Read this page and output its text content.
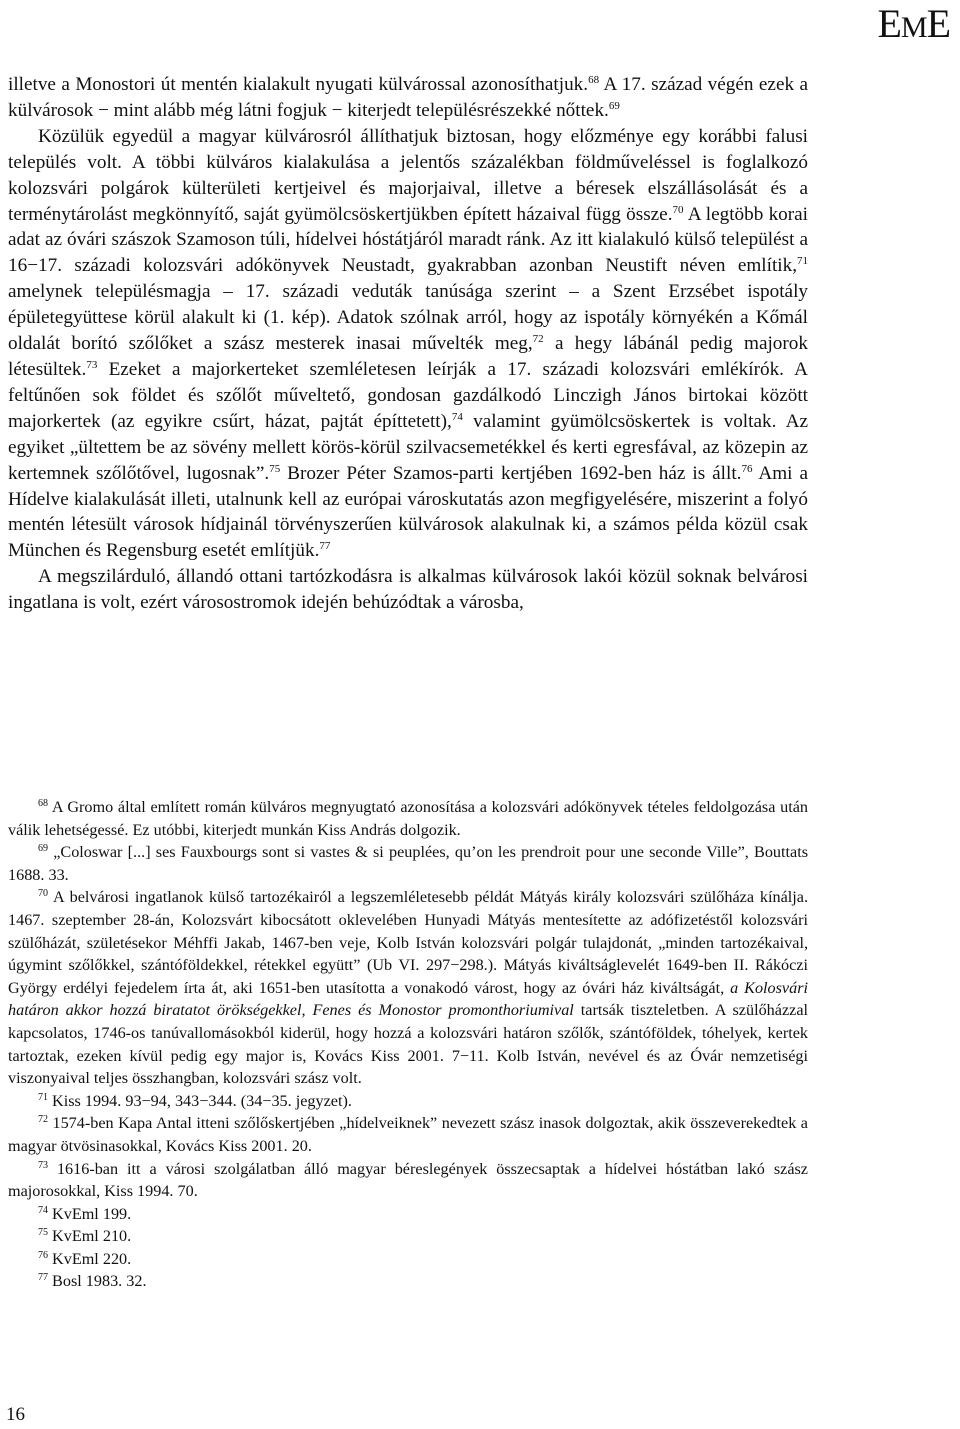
EME

illetve a Monostori út mentén kialakult nyugati külvárossal azonosíthatjuk.$^{68}$ A 17. század végén ezek a külvárosok − mint alább még látni fogjuk − kiterjedt településrészekké nőttek.$^{69}$

Közülük egyedül a magyar külvárosról állíthatjuk biztosan, hogy előzménye egy korábbi falusi település volt. A többi külváros kialakulása a jelentős százalékban földműveléssel is foglalkozó kolozsvári polgárok külterületi kertjeivel és majorjaival, illetve a béresek elszállásolását és a terménytárolást megkönnyítő, saját gyümölcsöskertjükben épített házaival függ össze.$^{70}$ A legtöbb korai adat az óvári szászok Szamoson túli, hídelvei hóstátjáról maradt ránk. Az itt kialakuló külső települést a 16−17. századi kolozsvári adókönyvek Neustadt, gyakrabban azonban Neustift néven említik,$^{71}$ amelynek településmagja – 17. századi veduták tanúsága szerint – a Szent Erzsébet ispotály épületegyüttese körül alakult ki (1. kép). Adatok szólnak arról, hogy az ispotály környékén a Kőmál oldalát borító szőlőket a szász mesterek inasai művelték meg,$^{72}$ a hegy lábánál pedig majorok létesültek.$^{73}$ Ezeket a majorkerteket szemléletesen leírják a 17. századi kolozsvári emlékírók. A feltűnően sok földet és szőlőt műveltető, gondosan gazdálkodó Linczigh János birtokai között majorkertek (az egyikre csűrt, házat, pajtát építtetett),$^{74}$ valamint gyümölcsöskertek is voltak. Az egyiket „ültettem be az sövény mellett körös-körül szilvacsemetékkel és kerti egresfával, az közepin az kertemnek szőlőtővel, lugosnak”.$^{75}$ Brozer Péter Szamos-parti kertjében 1692-ben ház is állt.$^{76}$ Ami a Hídelve kialakulását illeti, utalnunk kell az európai városkutatás azon megfigyelésére, miszerint a folyó mentén létesült városok hídjainál törvényszerűen külvárosok alakulnak ki, a számos példa közül csak München és Regensburg esetét említjük.$^{77}$

A megszilárduló, állandó ottani tartózkodásra is alkalmas külvárosok lakói közül soknak belvárosi ingatlana is volt, ezért városostromok idején behúzódtak a városba,

$^{68}$ A Gromo által említett román külváros megnyugtató azonosítása a kolozsvári adókönyvek tételes feldolgozása után válik lehetségessé. Ez utóbbi, kiterjedt munkán Kiss András dolgozik.

$^{69}$ „Coloswar [...] ses Fauxbourgs sont si vastes & si peuplées, qu’on les prendroit pour une seconde Ville”, Bouttats 1688. 33.

$^{70}$ A belvárosi ingatlanok külső tartozékairól a legszemléletesebb példát Mátyás király kolozsvári szülőháza kínálja. 1467. szeptember 28-án, Kolozsvárt kibocsátott oklevelében Hunyadi Mátyás mentesítette az adófizetéstől kolozsvári szülőházát, születésekor Méhffi Jakab, 1467-ben veje, Kolb István kolozsvári polgár tulajdonát, „minden tartozékaival, úgymint szőlőkkel, szántóföldekkel, rétekkel együtt” (Ub VI. 297−298.). Mátyás kiváltságlevelét 1649-ben II. Rákóczi György erdélyi fejedelem írta át, aki 1651-ben utasította a vonakodó várost, hogy az óvári ház kiváltságát, a Kolosvári határon akkor hozzá biratatot örökségekkel, Fenes és Monostor promonthoriumival tartsák tiszteletben. A szülőházzal kapcsolatos, 1746-os tanúvallomásokból kiderül, hogy hozzá a kolozsvári határon szőlők, szántóföldek, tóhelyek, kertek tartoztak, ezeken kívül pedig egy major is, Kovács Kiss 2001. 7−11. Kolb István, nevével és az Óvár nemzetiségi viszonyaival teljes összhangban, kolozsvári szász volt.

$^{71}$ Kiss 1994. 93−94, 343−344. (34−35. jegyzet).

$^{72}$ 1574-ben Kapa Antal itteni szőlőskertjében „hídelveiknek” nevezett szász inasok dolgoztak, akik összeverekedtek a magyar ötvösinasokkal, Kovács Kiss 2001. 20.

$^{73}$ 1616-ban itt a városi szolgálatban álló magyar béreslegények összecsaptak a hídelvei hóstátban lakó szász majorosokkal, Kiss 1994. 70.

$^{74}$ KvEml 199.

$^{75}$ KvEml 210.

$^{76}$ KvEml 220.

$^{77}$ Bosl 1983. 32.

16
